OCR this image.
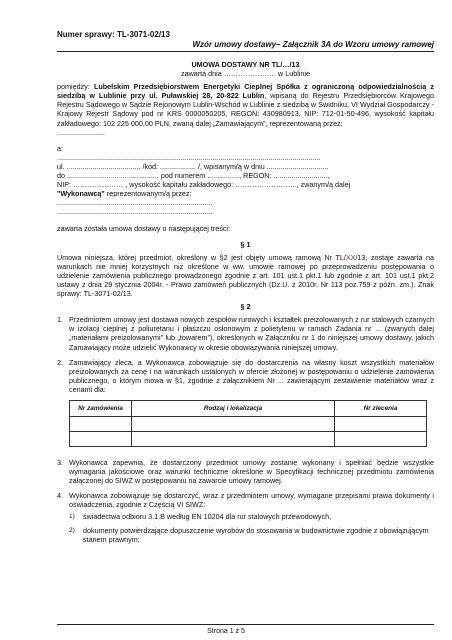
Numer sprawy: TL-3071-02/13
Wzór umowy dostawy– Załącznik 3A do Wzoru umowy ramowej

UMOWA DOSTAWY NR TL/…/13

zawarta dnia …………………. w Lublinie

pomiędzy: Lubelskim Przedsiębiorstwem Energetyki Cieplnej Spółka z ograniczoną odpowiedzialnością z siedzibą w Lublinie przy ul. Puławskiej 28, 20-822 Lublin, wpisaną do Rejestru Przedsiębiorców Krajowego Rejestru Sądowego w Sądzie Rejonowym Lublin-Wschód w Lublinie z siedzibą w Świdniku, VI Wydział Gospodarczy - Krajowy Rejestr Sądowy pod nr KRS 0000050205, REGON: 430980913, NIP: 712-01-50-496, wysokość kapitału zakładowego: 102 225 000,00 PLN, zwaną dalej „Zamawiającym”, reprezentowaną przez:

........................

a:

....................................................................................................................................

ul. ..................................... /kod: .................. /, wpisanym/ą w dniu ...............................

do .............................................. pod numerem ................, REGON: ...........................,

NIP: ………………… , wysokość kapitału zakładowego: …………………….., zwanym/ą dalej

"Wykonawcą" reprezentowanym/ą przez:

..............................................................................

..............................................................................

zawarta została umowa dostawy o następującej treści:

§ 1

Umowa niniejsza, której przedmiot, określony w §2 jest objęty umową ramową Nr TL/XX/13, zostaje zawarta na warunkach nie mniej korzystnych niż określone w ww. umowie ramowej po przeprowadzeniu postępowania o udzielenie zamówienia publicznego prowadzonego zgodnie z art. 101 ust.1 pkt.1 lub zgodnie z art. 101 ust.1 pkt.2 ustawy z dnia 29 stycznia 2004r. - Prawo zamówień publicznych (Dz.U. z 2010r. Nr 113 poz.759 z późn. zm.). Znak sprawy: TL-3071-02/13.

§ 2

1. Przedmiotem umowy jest dostawa nowych zespołów rurowych i kształtek preizolowanych z rur stalowych czarnych w izolacji cieplnej z poliuretanu i płaszczu osłonowym z polietylenu w ramach Zadania nr ... (zwanych dalej „materiałami preizolowanymi” lub „towarem”), określonych w Załączniku nr 1 do niniejszej umowy dostawy, jakich Zamawiający może udzielić Wykonawcy w okresie obowiązywania niniejszej umowy.
2. Zamawiający zleca, a Wykonawca zobowiązuje się do dostarczenia na własny koszt wszystkich materiałów preizolowanych za cenę i na warunkach ustalonych w ofercie złożonej w postępowaniu o udzielenie zamówienia publicznego, o którym mowa w §1, zgodnie z załącznikiem Nr ... zawierającym zestawienie materiałów wraz z cenami dla:
Nr zamówienia	Rodzaj i lokalizacja	Nr zlecenia

3. Wykonawca zapewnia, że dostarczony przedmiot umowy zostanie wykonany i spełniać będzie wszystkie wymagania jakościowe oraz warunki techniczne określone w Specyfikacji technicznej przedmiotu zamówienia załączonej do SIWZ w postępowaniu na zawarcie umowy ramowej.
4. Wykonawca zobowiązuje się dostarczyć, wraz z przedmiotem umowy, wymagane przepisami prawa dokumenty i oświadczenia, zgodnie z Częścią VI SIWZ:
1)	świadectwa odbioru 3.1.B według EN 10204 dla rur stalowych przewodowych,
2)	dokumenty potwierdzające dopuszczenie wyrobów do stosowania w budownictwie zgodnie z obowiązującym stanem prawnym;
Strona 1 z 5
